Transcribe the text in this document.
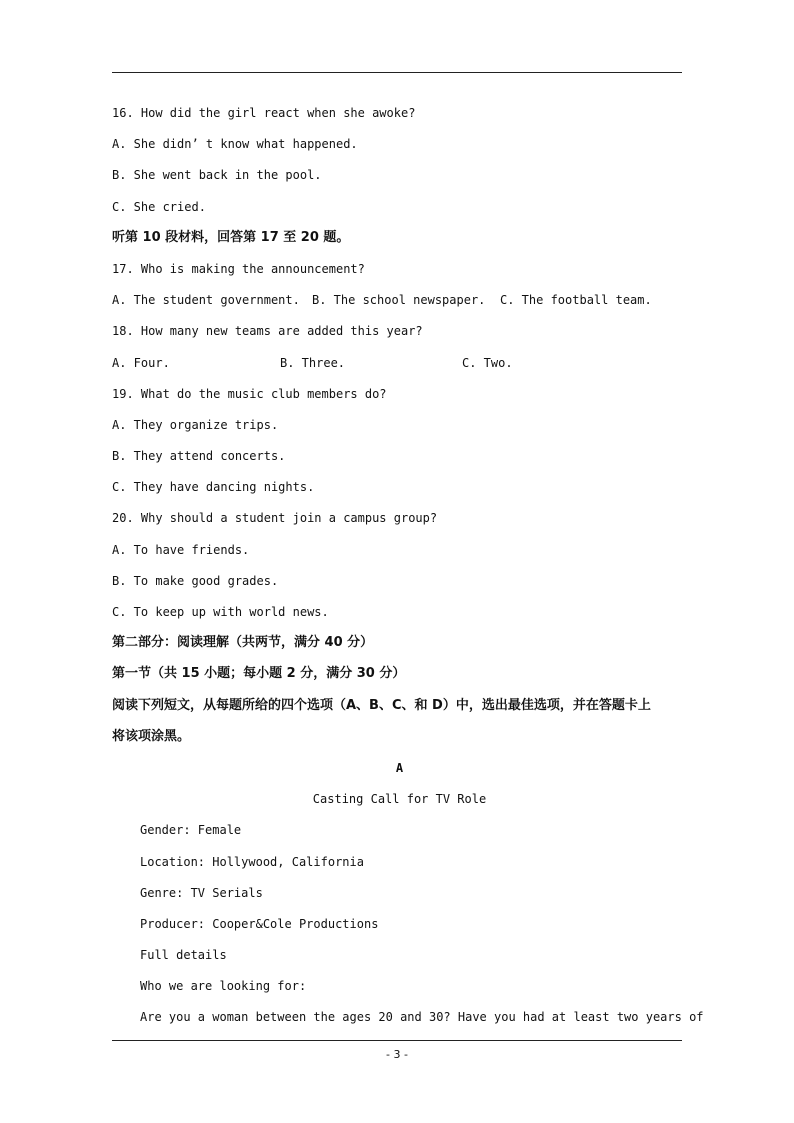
16. How did the girl react when she awoke?
A. She didn’ t know what happened.
B. She went back in the pool.
C. She cried.
听第 10 段材料，回答第 17 至 20 题。
17. Who is making the announcement?
A. The student government.	B. The school newspaper.	C. The football team.
18. How many new teams are added this year?
A. Four.	B. Three.	C. Two.
19. What do the music club members do?
A. They organize trips.
B. They attend concerts.
C. They have dancing nights.
20. Why should a student join a campus group?
A. To have friends.
B. To make good grades.
C. To keep up with world news.
第二部分：阅读理解（共两节，满分 40 分）
第一节（共 15 小题；每小题 2 分，满分 30 分）
阅读下列短文，从每题所给的四个选项（A、B、C、和 D）中，选出最佳选项，并在答题卡上
将该项涂黑。
A
Casting Call for TV Role
Gender: Female
Location: Hollywood, California
Genre: TV Serials
Producer: Cooper&Cole Productions
Full details
Who we are looking for:
Are you a woman between the ages 20 and 30? Have you had at least two years of
- 3 -
